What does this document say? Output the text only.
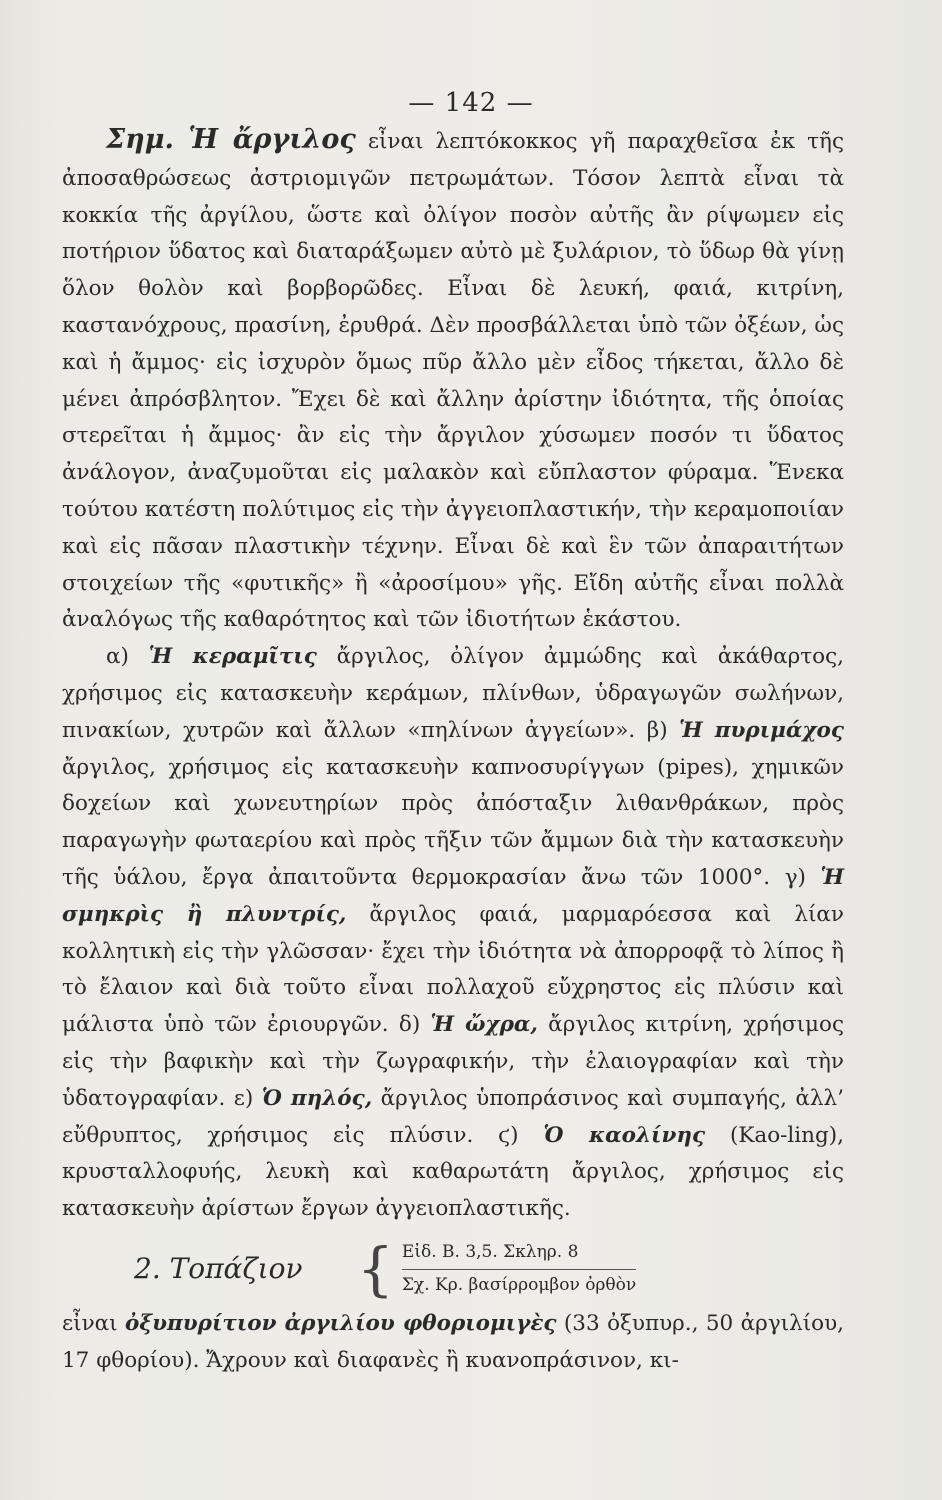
— 142 —

Σημ. Ἡ ἄργιλος εἶναι λεπτόκοκκος γῆ παραχθεῖσα ἐκ τῆς ἀποσαθρώσεως ἀστριομιγῶν πετρωμάτων. Τόσον λεπτὰ εἶναι τὰ κοκκία τῆς ἀργίλου, ὥστε καὶ ὀλίγον ποσὸν αὐτῆς ἂν ρίψωμεν εἰς ποτήριον ὕδατος καὶ διαταράξωμεν αὐτὸ μὲ ξυλάριον, τὸ ὕδωρ θὰ γίνῃ ὅλον θολὸν καὶ βορβορῶδες. Εἶναι δὲ λευκή, φαιά, κιτρίνη, καστανόχρους, πρασίνη, ἐρυθρά. Δὲν προσβάλλεται ὑπὸ τῶν ὀξέων, ὡς καὶ ἡ ἄμμος· εἰς ἰσχυρὸν ὅμως πῦρ ἄλλο μὲν εἶδος τήκεται, ἄλλο δὲ μένει ἀπρόσβλητον. Ἔχει δὲ καὶ ἄλλην ἀρίστην ἰδιότητα, τῆς ὁποίας στερεῖται ἡ ἄμμος· ἂν εἰς τὴν ἄργιλον χύσωμεν ποσόν τι ὕδατος ἀνάλογον, ἀναζυμοῦται εἰς μαλακὸν καὶ εὔπλαστον φύραμα. Ἕνεκα τούτου κατέστη πολύτιμος εἰς τὴν ἀγγειοπλαστικήν, τὴν κεραμοποιίαν καὶ εἰς πᾶσαν πλαστικὴν τέχνην. Εἶναι δὲ καὶ ἓν τῶν ἀπαραιτήτων στοιχείων τῆς «φυτικῆς» ἢ «ἀροσίμου» γῆς. Εἴδη αὐτῆς εἶναι πολλὰ ἀναλόγως τῆς καθαρότητος καὶ τῶν ἰδιοτήτων ἑκάστου.

α) Ἡ κεραμῖτις ἄργιλος, ὀλίγον ἀμμώδης καὶ ἀκάθαρτος, χρήσιμος εἰς κατασκευὴν κεράμων, πλίνθων, ὑδραγωγῶν σωλήνων, πινακίων, χυτρῶν καὶ ἄλλων «πηλίνων ἀγγείων». β) Ἡ πυριμάχος ἄργιλος, χρήσιμος εἰς κατασκευὴν καπνοσυρίγγων (pipes), χημικῶν δοχείων καὶ χωνευτηρίων πρὸς ἀπόσταξιν λιθανθράκων, πρὸς παραγωγὴν φωταερίου καὶ πρὸς τῆξιν τῶν ἄμμων διὰ τὴν κατασκευὴν τῆς ὑάλου, ἔργα ἀπαιτοῦντα θερμοκρασίαν ἄνω τῶν 1000°. γ) Ἡ σμηκρὶς ἢ πλυντρίς, ἄργιλος φαιά, μαρμαρόεσσα καὶ λίαν κολλητικὴ εἰς τὴν γλῶσσαν· ἔχει τὴν ἰδιότητα νὰ ἀπορροφᾷ τὸ λίπος ἢ τὸ ἔλαιον καὶ διὰ τοῦτο εἶναι πολλαχοῦ εὔχρηστος εἰς πλύσιν καὶ μάλιστα ὑπὸ τῶν ἐριουργῶν. δ) Ἡ ὤχρα, ἄργιλος κιτρίνη, χρήσιμος εἰς τὴν βαφικὴν καὶ τὴν ζωγραφικήν, τὴν ἐλαιογραφίαν καὶ τὴν ὑδατογραφίαν. ε) Ὁ πηλός, ἄργιλος ὑποπράσινος καὶ συμπαγής, ἀλλ’ εὔθρυπτος, χρήσιμος εἰς πλύσιν. ϛ) Ὁ καολίνης (Kao-ling), κρυσταλλοφυής, λευκὴ καὶ καθαρωτάτη ἄργιλος, χρήσιμος εἰς κατασκευὴν ἀρίστων ἔργων ἀγγειοπλαστικῆς.

2. Τοπάζιον { Εἰδ. Β. 3,5. Σκληρ. 8
Σχ. Κρ. βασίρρομβον ὀρθὸν

εἶναι ὀξυπυρίτιον ἀργιλίου φθοριομιγὲς (33 ὀξυπυρ., 50 ἀργιλίου, 17 φθορίου). Ἄχρουν καὶ διαφανὲς ἢ κυανοπράσινον, κι-
